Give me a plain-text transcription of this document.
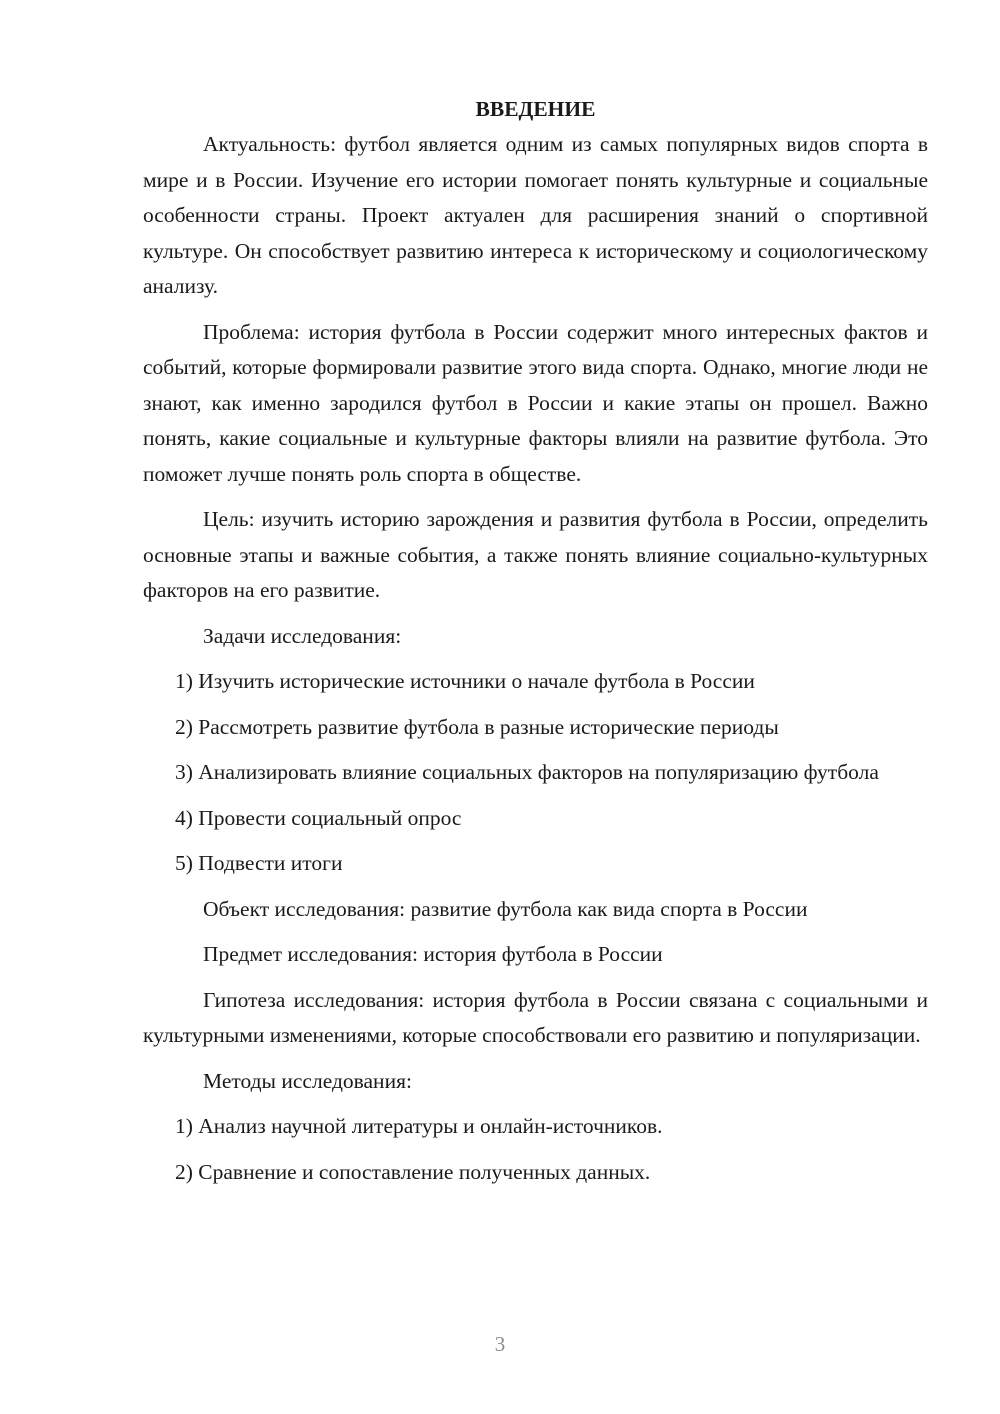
ВВЕДЕНИЕ

Актуальность: футбол является одним из самых популярных видов спорта в мире и в России. Изучение его истории помогает понять культурные и социальные особенности страны. Проект актуален для расширения знаний о спортивной культуре. Он способствует развитию интереса к историческому и социологическому анализу.

Проблема: история футбола в России содержит много интересных фактов и событий, которые формировали развитие этого вида спорта. Однако, многие люди не знают, как именно зародился футбол в России и какие этапы он прошел. Важно понять, какие социальные и культурные факторы влияли на развитие футбола. Это поможет лучше понять роль спорта в обществе.

Цель: изучить историю зарождения и развития футбола в России, определить основные этапы и важные события, а также понять влияние социально-культурных факторов на его развитие.

Задачи исследования:

1) Изучить исторические источники о начале футбола в России

2) Рассмотреть развитие футбола в разные исторические периоды

3) Анализировать влияние социальных факторов на популяризацию футбола

4) Провести социальный опрос

5) Подвести итоги

Объект исследования: развитие футбола как вида спорта в России

Предмет исследования: история футбола в России

Гипотеза исследования: история футбола в России связана с социальными и культурными изменениями, которые способствовали его развитию и популяризации.

Методы исследования:

1) Анализ научной литературы и онлайн-источников.

2) Сравнение и сопоставление полученных данных.

3
